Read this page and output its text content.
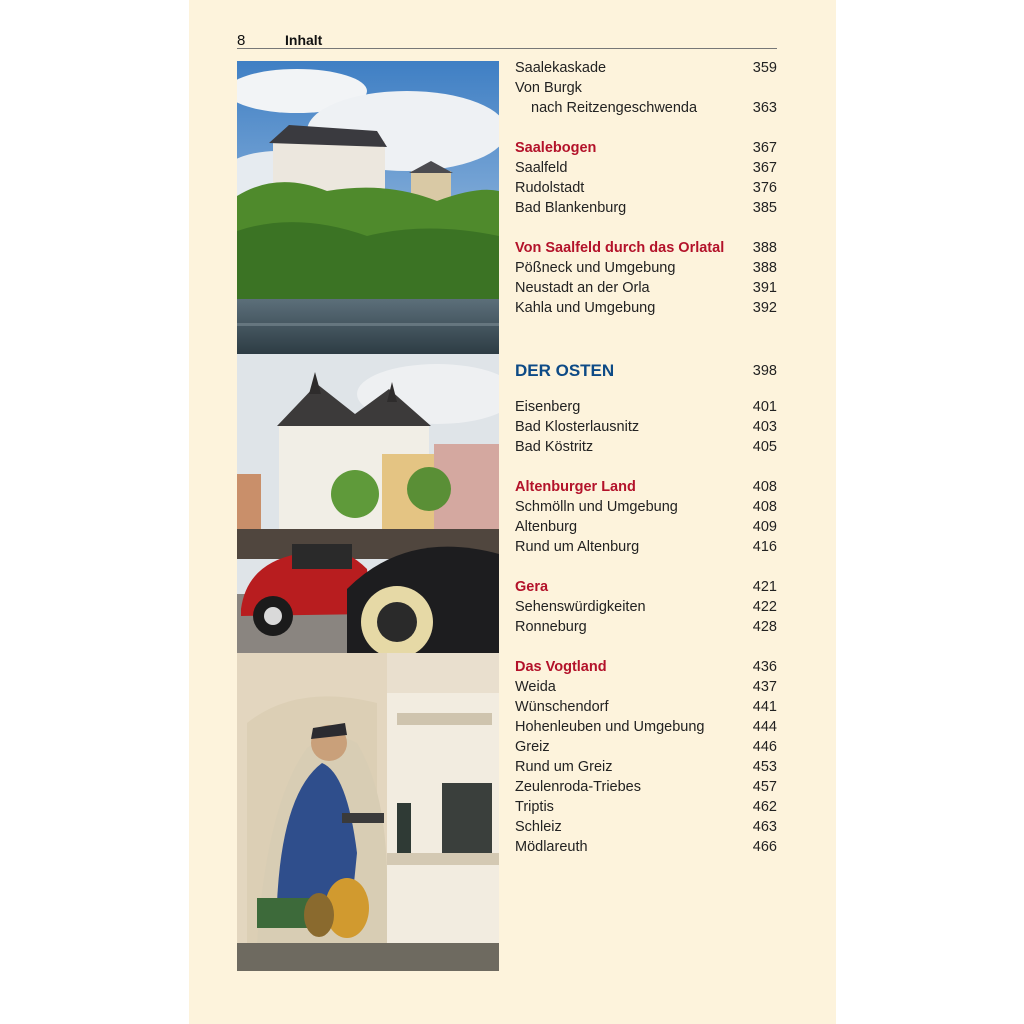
8	Inhalt
Saalekaskade	359
Von Burgk
nach Reitzengeschwenda	363
Saalebogen	367
Saalfeld	367
Rudolstadt	376
Bad Blankenburg	385
Von Saalfeld durch das Orlatal 388
Pößneck und Umgebung	388
Neustadt an der Orla	391
Kahla und Umgebung	392
DER OSTEN	398
Eisenberg	401
Bad Klosterlausnitz	403
Bad Köstritz	405
Altenburger Land	408
Schmölln und Umgebung	408
Altenburg	409
Rund um Altenburg	416
Gera	421
Sehenswürdigkeiten	422
Ronneburg	428
Das Vogtland	436
Weida	437
Wünschendorf	441
Hohenleuben und Umgebung	444
Greiz	446
Rund um Greiz	453
Zeulenroda-Triebes	457
Triptis	462
Schleiz	463
Mödlareuth	466
